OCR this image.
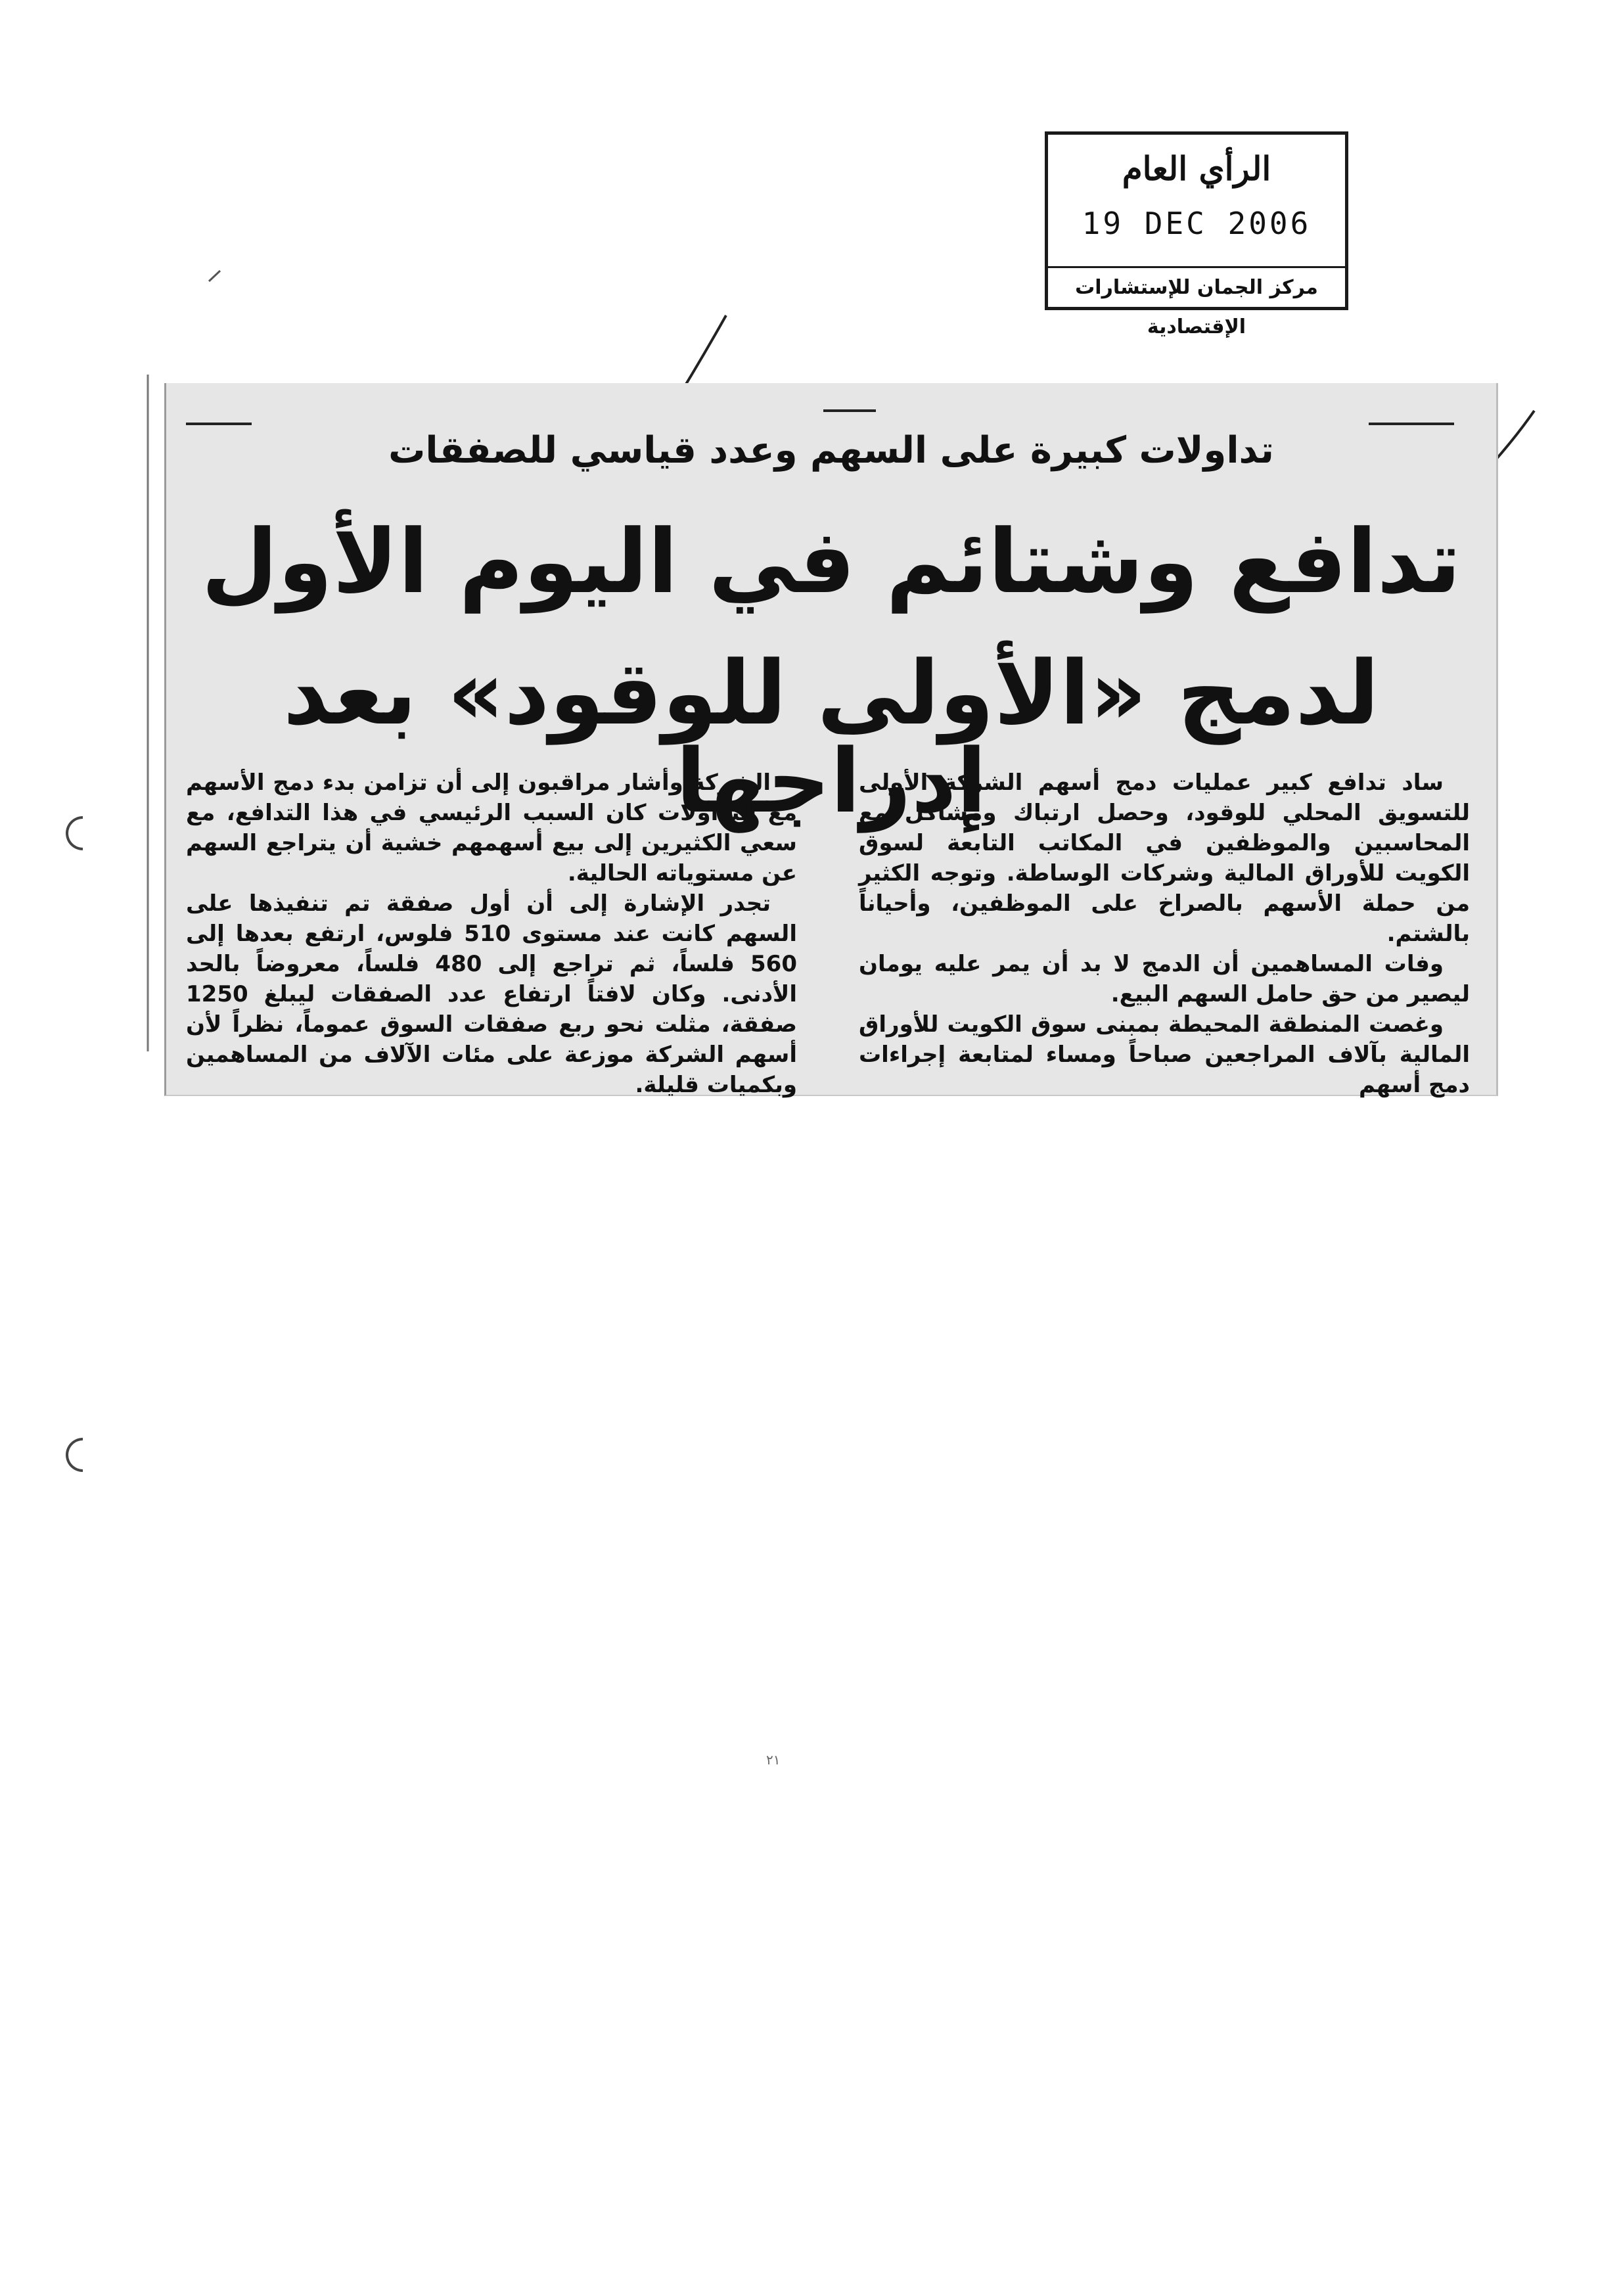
الرأي العام
19 DEC 2006
مركز الجمان للإستشارات الإقتصادية
تداولات كبيرة على السهم وعدد قياسي للصفقات
تدافع وشتائم في اليوم الأول
لدمج «الأولى للوقود» بعد إدراجها

ساد تدافع كبير عمليات دمج أسهم الشركة الأولى للتسويق المحلي للوقود، وحصل ارتباك ومشاكل مع المحاسبين والموظفين في المكاتب التابعة لسوق الكويت للأوراق المالية وشركات الوساطة. وتوجه الكثير من حملة الأسهم بالصراخ على الموظفين، وأحياناً بالشتم.

وفات المساهمين أن الدمج لا بد أن يمر عليه يومان ليصير من حق حامل السهم البيع.

وغصت المنطقة المحيطة بمبنى سوق الكويت للأوراق المالية بآلاف المراجعين صباحاً ومساء لمتابعة إجراءات دمج أسهم

الشركة وأشار مراقبون إلى أن تزامن بدء دمج الأسهم مع التداولات كان السبب الرئيسي في هذا التدافع، مع سعي الكثيرين إلى بيع أسهمهم خشية أن يتراجع السهم عن مستوياته الحالية.

تجدر الإشارة إلى أن أول صفقة تم تنفيذها على السهم كانت عند مستوى 510 فلوس، ارتفع بعدها إلى 560 فلساً، ثم تراجع إلى 480 فلساً، معروضاً بالحد الأدنى. وكان لافتاً ارتفاع عدد الصفقات ليبلغ 1250 صفقة، مثلت نحو ربع صفقات السوق عموماً، نظراً لأن أسهم الشركة موزعة على مئات الآلاف من المساهمين وبكميات قليلة.

٢١
